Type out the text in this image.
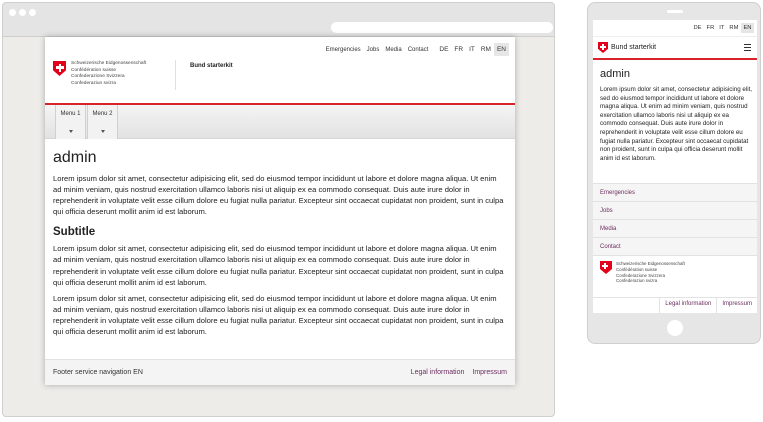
Emergencies Jobs Media Contact	DE FR IT RM EN
Schweizerische Eidgenossenschaft
Confédération suisse
Confederazione Svizzera
Confederaziun svizra
Bund starterkit
Menu 1	Menu 2
admin

Lorem ipsum dolor sit amet, consectetur adipisicing elit, sed do eiusmod tempor incididunt ut labore et dolore magna aliqua. Ut enim ad minim veniam, quis nostrud exercitation ullamco laboris nisi ut aliquip ex ea commodo consequat. Duis aute irure dolor in reprehenderit in voluptate velit esse cillum dolore eu fugiat nulla pariatur. Excepteur sint occaecat cupidatat non proident, sunt in culpa qui officia deserunt mollit anim id est laborum.

Subtitle

Lorem ipsum dolor sit amet, consectetur adipisicing elit, sed do eiusmod tempor incididunt ut labore et dolore magna aliqua. Ut enim ad minim veniam, quis nostrud exercitation ullamco laboris nisi ut aliquip ex ea commodo consequat. Duis aute irure dolor in reprehenderit in voluptate velit esse cillum dolore eu fugiat nulla pariatur. Excepteur sint occaecat cupidatat non proident, sunt in culpa qui officia deserunt mollit anim id est laborum.

Lorem ipsum dolor sit amet, consectetur adipisicing elit, sed do eiusmod tempor incididunt ut labore et dolore magna aliqua. Ut enim ad minim veniam, quis nostrud exercitation ullamco laboris nisi ut aliquip ex ea commodo consequat. Duis aute irure dolor in reprehenderit in voluptate velit esse cillum dolore eu fugiat nulla pariatur. Excepteur sint occaecat cupidatat non proident, sunt in culpa qui officia deserunt mollit anim id est laborum.

Footer service navigation EN	Legal information Impressum
DE FR IT RM EN
Bund starterkit
admin

Lorem ipsum dolor sit amet, consectetur adipisicing elit, sed do eiusmod tempor incididunt ut labore et dolore magna aliqua. Ut enim ad minim veniam, quis nostrud exercitation ullamco laboris nisi ut aliquip ex ea commodo consequat. Duis aute irure dolor in reprehenderit in voluptate velit esse cillum dolore eu fugiat nulla pariatur. Excepteur sint occaecat cupidatat non proident, sunt in culpa qui officia deserunt mollit anim id est laborum.

Emergencies
Jobs
Media
Contact
Schweizerische Eidgenossenschaft
Confédération suisse
Confederazione Svizzera
Confederaziun svizra
Legal information	Impressum
